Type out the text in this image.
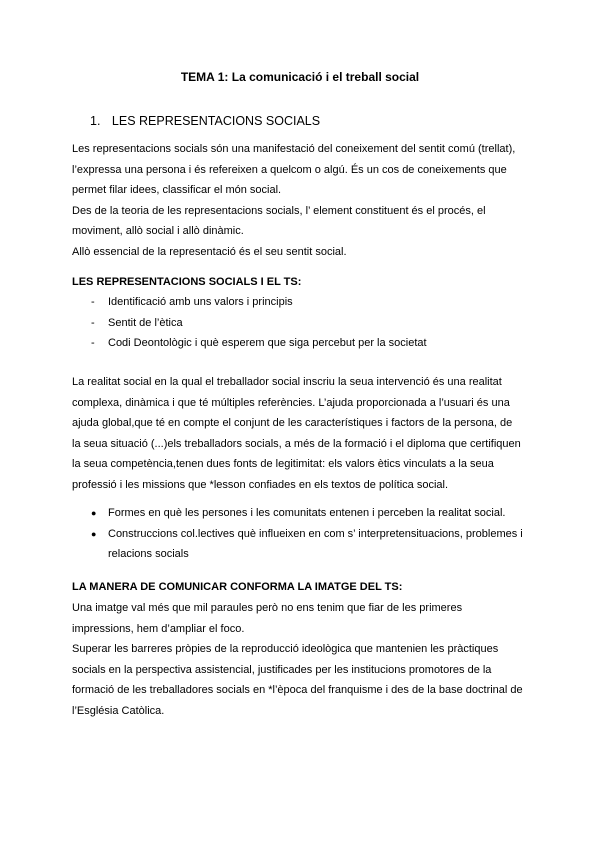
TEMA 1: La comunicació i el treball social
1. LES REPRESENTACIONS SOCIALS
Les representacions socials són una manifestació del coneixement del sentit comú (trellat),
l’expressa una persona i és refereixen a quelcom o algú. És un cos de coneixements que
permet filar idees, classificar el món social.
Des de la teoria de les representacions socials, l’ element constituent és el procés, el
moviment, allò social i allò dinàmic.
Allò essencial de la representació és el seu sentit social.
LES REPRESENTACIONS SOCIALS I EL TS:
- Identificació amb uns valors i principis
- Sentit de l’ètica
- Codi Deontològic i què esperem que siga percebut per la societat
La realitat social en la qual el treballador social inscriu la seua intervenció és una realitat
complexa, dinàmica i que té múltiples referències. L’ajuda proporcionada a l’usuari és una
ajuda global,que té en compte el conjunt de les característiques i factors de la persona, de
la seua situació (...)els treballadors socials, a més de la formació i el diploma que certifiquen
la seua competència,tenen dues fonts de legitimitat: els valors ètics vinculats a la seua
professió i les missions que *lesson confiades en els textos de política social.
● Formes en què les persones i les comunitats entenen i perceben la realitat social.
● Construccions col.lectives què influeixen en com s’ interpretensituacions, problemes i
relacions socials
LA MANERA DE COMUNICAR CONFORMA LA IMATGE DEL TS:
Una imatge val més que mil paraules però no ens tenim que fiar de les primeres
impressions, hem d’ampliar el foco.
Superar les barreres pròpies de la reproducció ideològica que mantenien les pràctiques
socials en la perspectiva assistencial, justificades per les institucions promotores de la
formació de les treballadores socials en *l’època del franquisme i des de la base doctrinal de
l’Església Catòlica.
